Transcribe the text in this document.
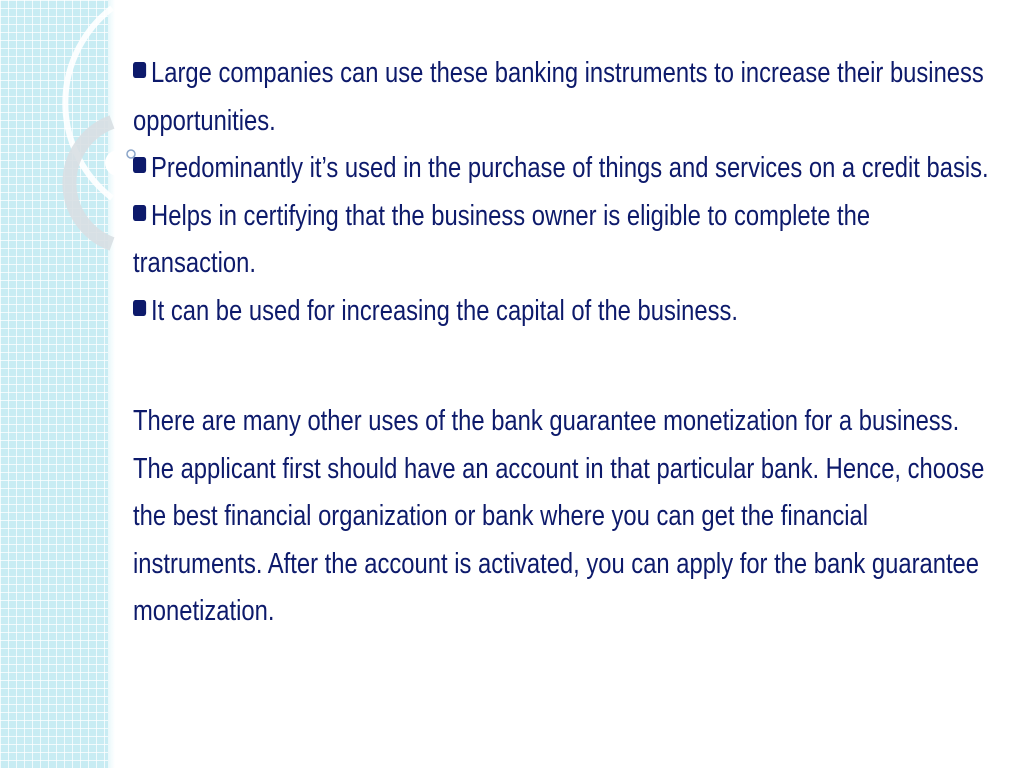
Large companies can use these banking instruments to increase their business opportunities.

Predominantly it’s used in the purchase of things and services on a credit basis.

Helps in certifying that the business owner is eligible to complete the transaction.

It can be used for increasing the capital of the business.

There are many other uses of the bank guarantee monetization for a business. The applicant first should have an account in that particular bank. Hence, choose the best financial organization or bank where you can get the financial instruments. After the account is activated, you can apply for the bank guarantee monetization.
